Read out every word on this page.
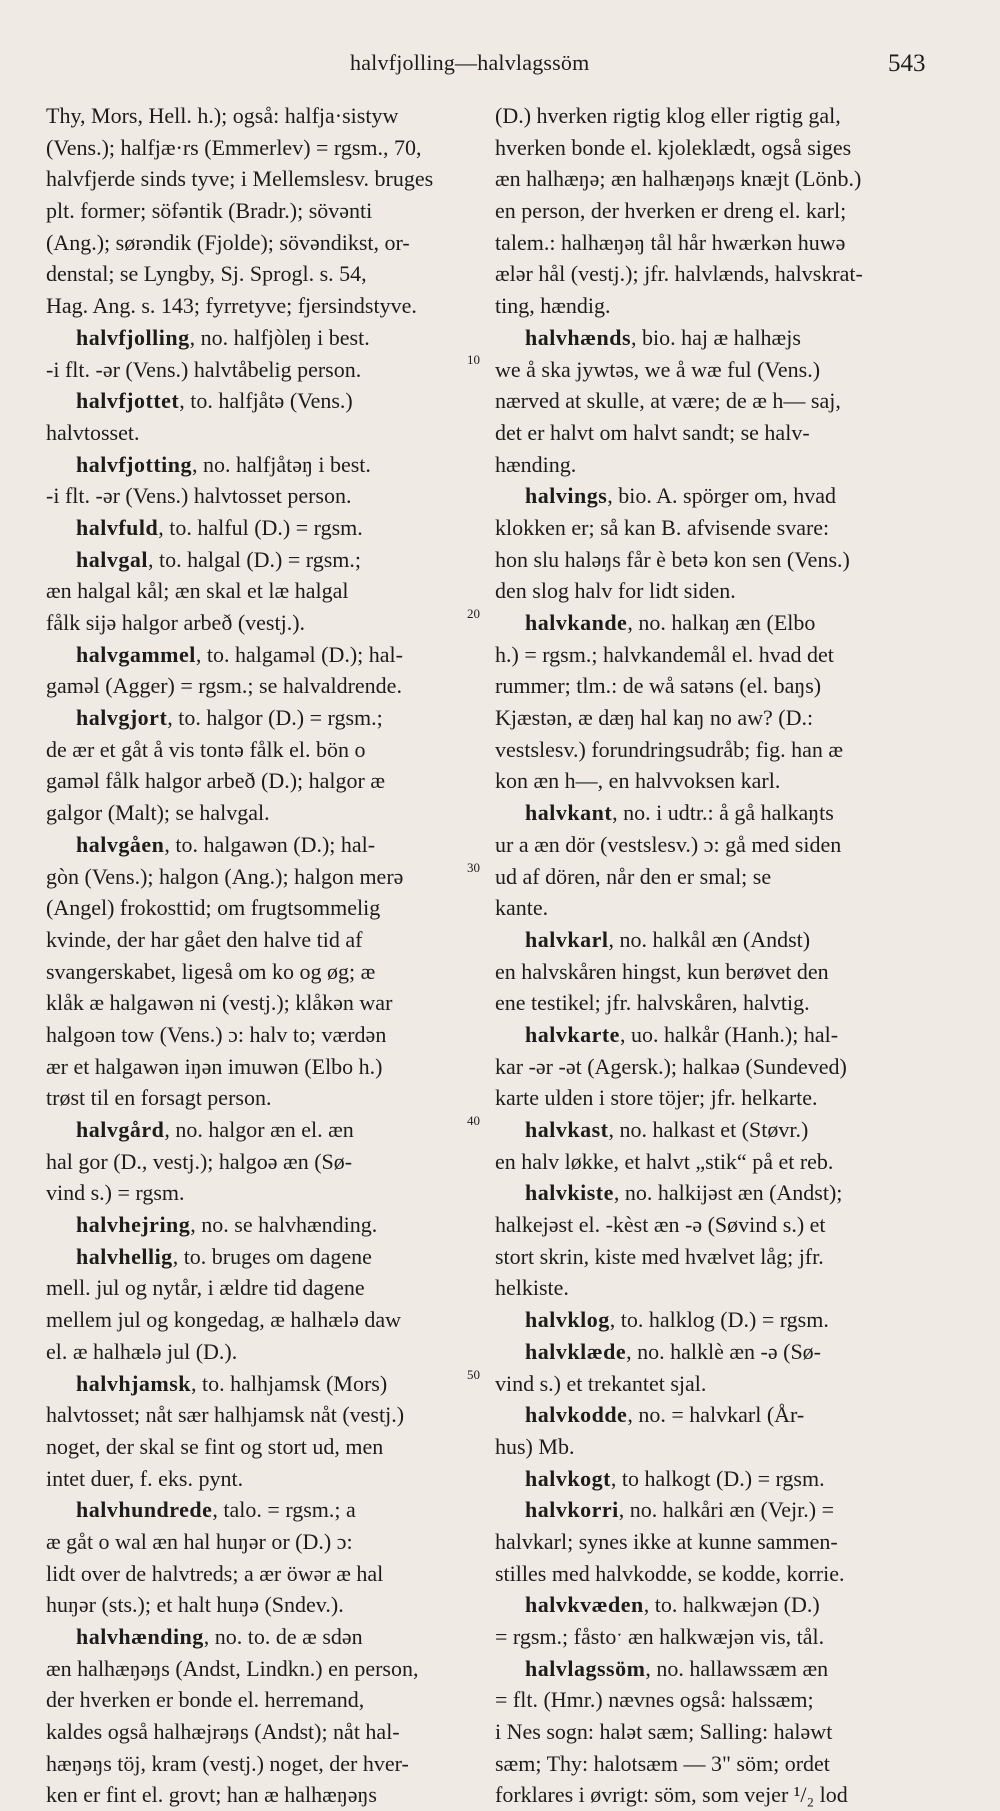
halvfjolling—halvlagssöm	543
Thy, Mors, Hell. h.); også: halfja·sistyw
(Vens.); halfjæ·rs (Emmerlev) = rgsm., 70,
halvfjerde sinds tyve; i Mellemslesv. bruges
plt. former; söfəntik (Bradr.); sövənti
(Ang.); sørəndik (Fjolde); sövəndikst, or-
denstal; se Lyngby, Sj. Sprogl. s. 54,
Hag. Ang. s. 143; fyrretyve; fjersindstyve.
halvfjolling, no. halfjòleŋ i best.
-i flt. -ər (Vens.) halvtåbelig person.
halvfjottet, to. halfjåtə (Vens.)
halvtosset.
halvfjotting, no. halfjåtəŋ i best.
-i flt. -ər (Vens.) halvtosset person.
halvfuld, to. halful (D.) = rgsm.
halvgal, to. halgal (D.) = rgsm.;
æn halgal kål; æn skal et læ halgal
fålk sijə halgor arbeð (vestj.).
halvgammel, to. halgaməl (D.); hal-
gaməl (Agger) = rgsm.; se halvaldrende.
halvgjort, to. halgor (D.) = rgsm.;
de ær et gåt å vis tontə fålk el. bön o
gaməl fålk halgor arbeð (D.); halgor æ
galgor (Malt); se halvgal.
halvgåen, to. halgawən (D.); hal-
gòn (Vens.); halgon (Ang.); halgon merə
(Angel) frokosttid; om frugtsommelig
kvinde, der har gået den halve tid af
svangerskabet, ligeså om ko og øg; æ
klåk æ halgawən ni (vestj.); klåkən war
halgoən tow (Vens.) ɔ: halv to; værdən
ær et halgawən iŋən imuwən (Elbo h.)
trøst til en forsagt person.
halvgård, no. halgor æn el. æn
hal gor (D., vestj.); halgoə æn (Sø-
vind s.) = rgsm.
halvhejring, no. se halvhænding.
halvhellig, to. bruges om dagene
mell. jul og nytår, i ældre tid dagene
mellem jul og kongedag, æ halhælə daw
el. æ halhælə jul (D.).
halvhjamsk, to. halhjamsk (Mors)
halvtosset; nåt sær halhjamsk nåt (vestj.)
noget, der skal se fint og stort ud, men
intet duer, f. eks. pynt.
halvhundrede, talo. = rgsm.; a
æ gåt o wal æn hal huŋər or (D.) ɔ:
lidt over de halvtreds; a ær öwər æ hal
huŋər (sts.); et halt huŋə (Sndev.).
halvhænding, no. to. de æ sdən
æn halhæŋəŋs (Andst, Lindkn.) en person,
der hverken er bonde el. herremand,
kaldes også halhæjrəŋs (Andst); nåt hal-
hæŋəŋs töj, kram (vestj.) noget, der hver-
ken er fint el. grovt; han æ halhæŋəŋs
(D.) hverken rigtig klog eller rigtig gal,
hverken bonde el. kjoleklædt, også siges
æn halhæŋə; æn halhæŋəŋs knæjt (Lönb.)
en person, der hverken er dreng el. karl;
talem.: halhæŋəŋ tål hår hwærkən huwə
ælər hål (vestj.); jfr. halvlænds, halvskrat-
ting, hændig.
halvhænds, bio. haj æ halhæjs
we å ska jywtəs, we å wæ ful (Vens.)
nærved at skulle, at være; de æ h— saj,
det er halvt om halvt sandt; se halv-
hænding.
halvings, bio. A. spörger om, hvad
klokken er; så kan B. afvisende svare:
hon slu haləŋs får è betə kon sen (Vens.)
den slog halv for lidt siden.
halvkande, no. halkaŋ æn (Elbo
h.) = rgsm.; halvkandemål el. hvad det
rummer; tlm.: de wå satəns (el. baŋs)
Kjæstən, æ dæŋ hal kaŋ no aw? (D.:
vestslesv.) forundringsudråb; fig. han æ
kon æn h—, en halvvoksen karl.
halvkant, no. i udtr.: å gå halkaŋts
ur a æn dör (vestslesv.) ɔ: gå med siden
ud af dören, når den er smal; se
kante.
halvkarl, no. halkål æn (Andst)
en halvskåren hingst, kun berøvet den
ene testikel; jfr. halvskåren, halvtig.
halvkarte, uo. halkår (Hanh.); hal-
kar -ər -ət (Agersk.); halkaə (Sundeved)
karte ulden i store töjer; jfr. helkarte.
halvkast, no. halkast et (Støvr.)
en halv løkke, et halvt „stik“ på et reb.
halvkiste, no. halkijəst æn (Andst);
halkejəst el. -kèst æn -ə (Søvind s.) et
stort skrin, kiste med hvælvet låg; jfr.
helkiste.
halvklog, to. halklog (D.) = rgsm.
halvklæde, no. halklè æn -ə (Sø-
vind s.) et trekantet sjal.
halvkodde, no. = halvkarl (År-
hus) Mb.
halvkogt, to halkogt (D.) = rgsm.
halvkorri, no. halkåri æn (Vejr.) =
halvkarl; synes ikke at kunne sammen-
stilles med halvkodde, se kodde, korrie.
halvkvæden, to. halkwæjən (D.)
= rgsm.; fåstoˑ æn halkwæjən vis, tål.
halvlagssöm, no. hallawssæm æn
= flt. (Hmr.) nævnes også: halssæm;
i Nes sogn: halət sæm; Salling: haləwt
sæm; Thy: halotsæm — 3" söm; ordet
forklares i øvrigt: söm, som vejer ¹/₂ lod
10
20
30
40
50
